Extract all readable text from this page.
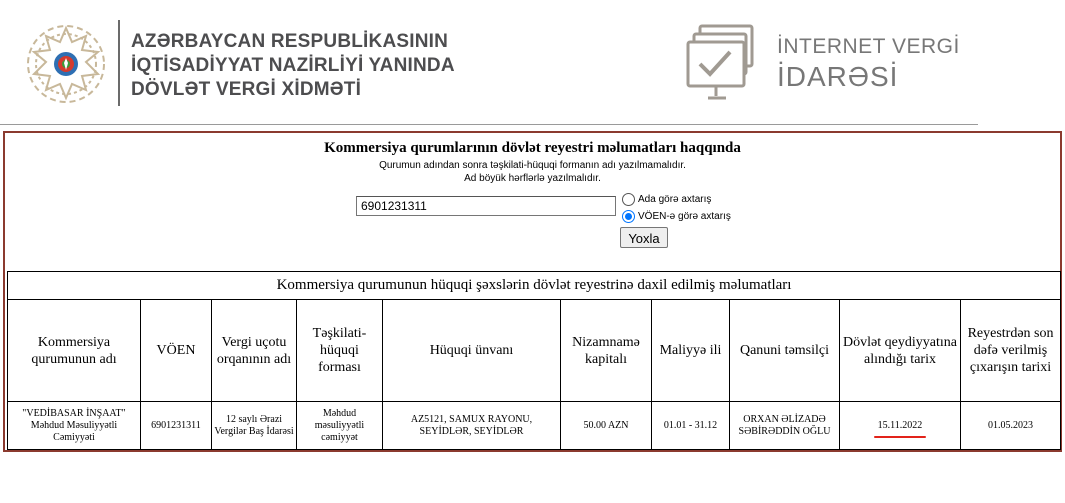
AZƏRBAYCAN RESPUBLİKASININ
İQTİSADİYYAT NAZİRLİYİ YANINDA
DÖVLƏT VERGİ XİDMƏTİ
İNTERNET VERGİ
İDARƏSİ
Kommersiya qurumlarının dövlət reyestri məlumatları haqqında
Qurumun adından sonra təşkilati-hüquqi formanın adı yazılmamalıdır.
Ad böyük hərflərlə yazılmalıdır.
6901231311
Ada görə axtarış
VÖEN-ə görə axtarış
Yoxla
Kommersiya qurumunun hüquqi şəxslərin dövlət reyestrinə daxil edilmiş məlumatları									
Kommersiya qurumunun adı	VÖEN	Vergi uçotu orqanının adı	Təşkilati-hüquqi forması	Hüquqi ünvanı	Nizamnamə kapitalı	Maliyyə ili	Qanuni təmsilçi	Dövlət qeydiyyatına alındığı tarix	Reyestrdən son dəfə verilmiş çıxarışın tarixi
"VEDİBASAR İNŞAAT" Məhdud Məsuliyyətli Cəmiyyəti	6901231311	12 saylı Ərazi Vergilər Baş İdarəsi	Məhdud məsuliyyətli cəmiyyət	AZ5121, SAMUX RAYONU, SEYİDLƏR, SEYİDLƏR	50.00 AZN	01.01 - 31.12	ORXAN ƏLİZADƏ SƏBİRƏDDİN OĞLU	15.11.2022	01.05.2023
